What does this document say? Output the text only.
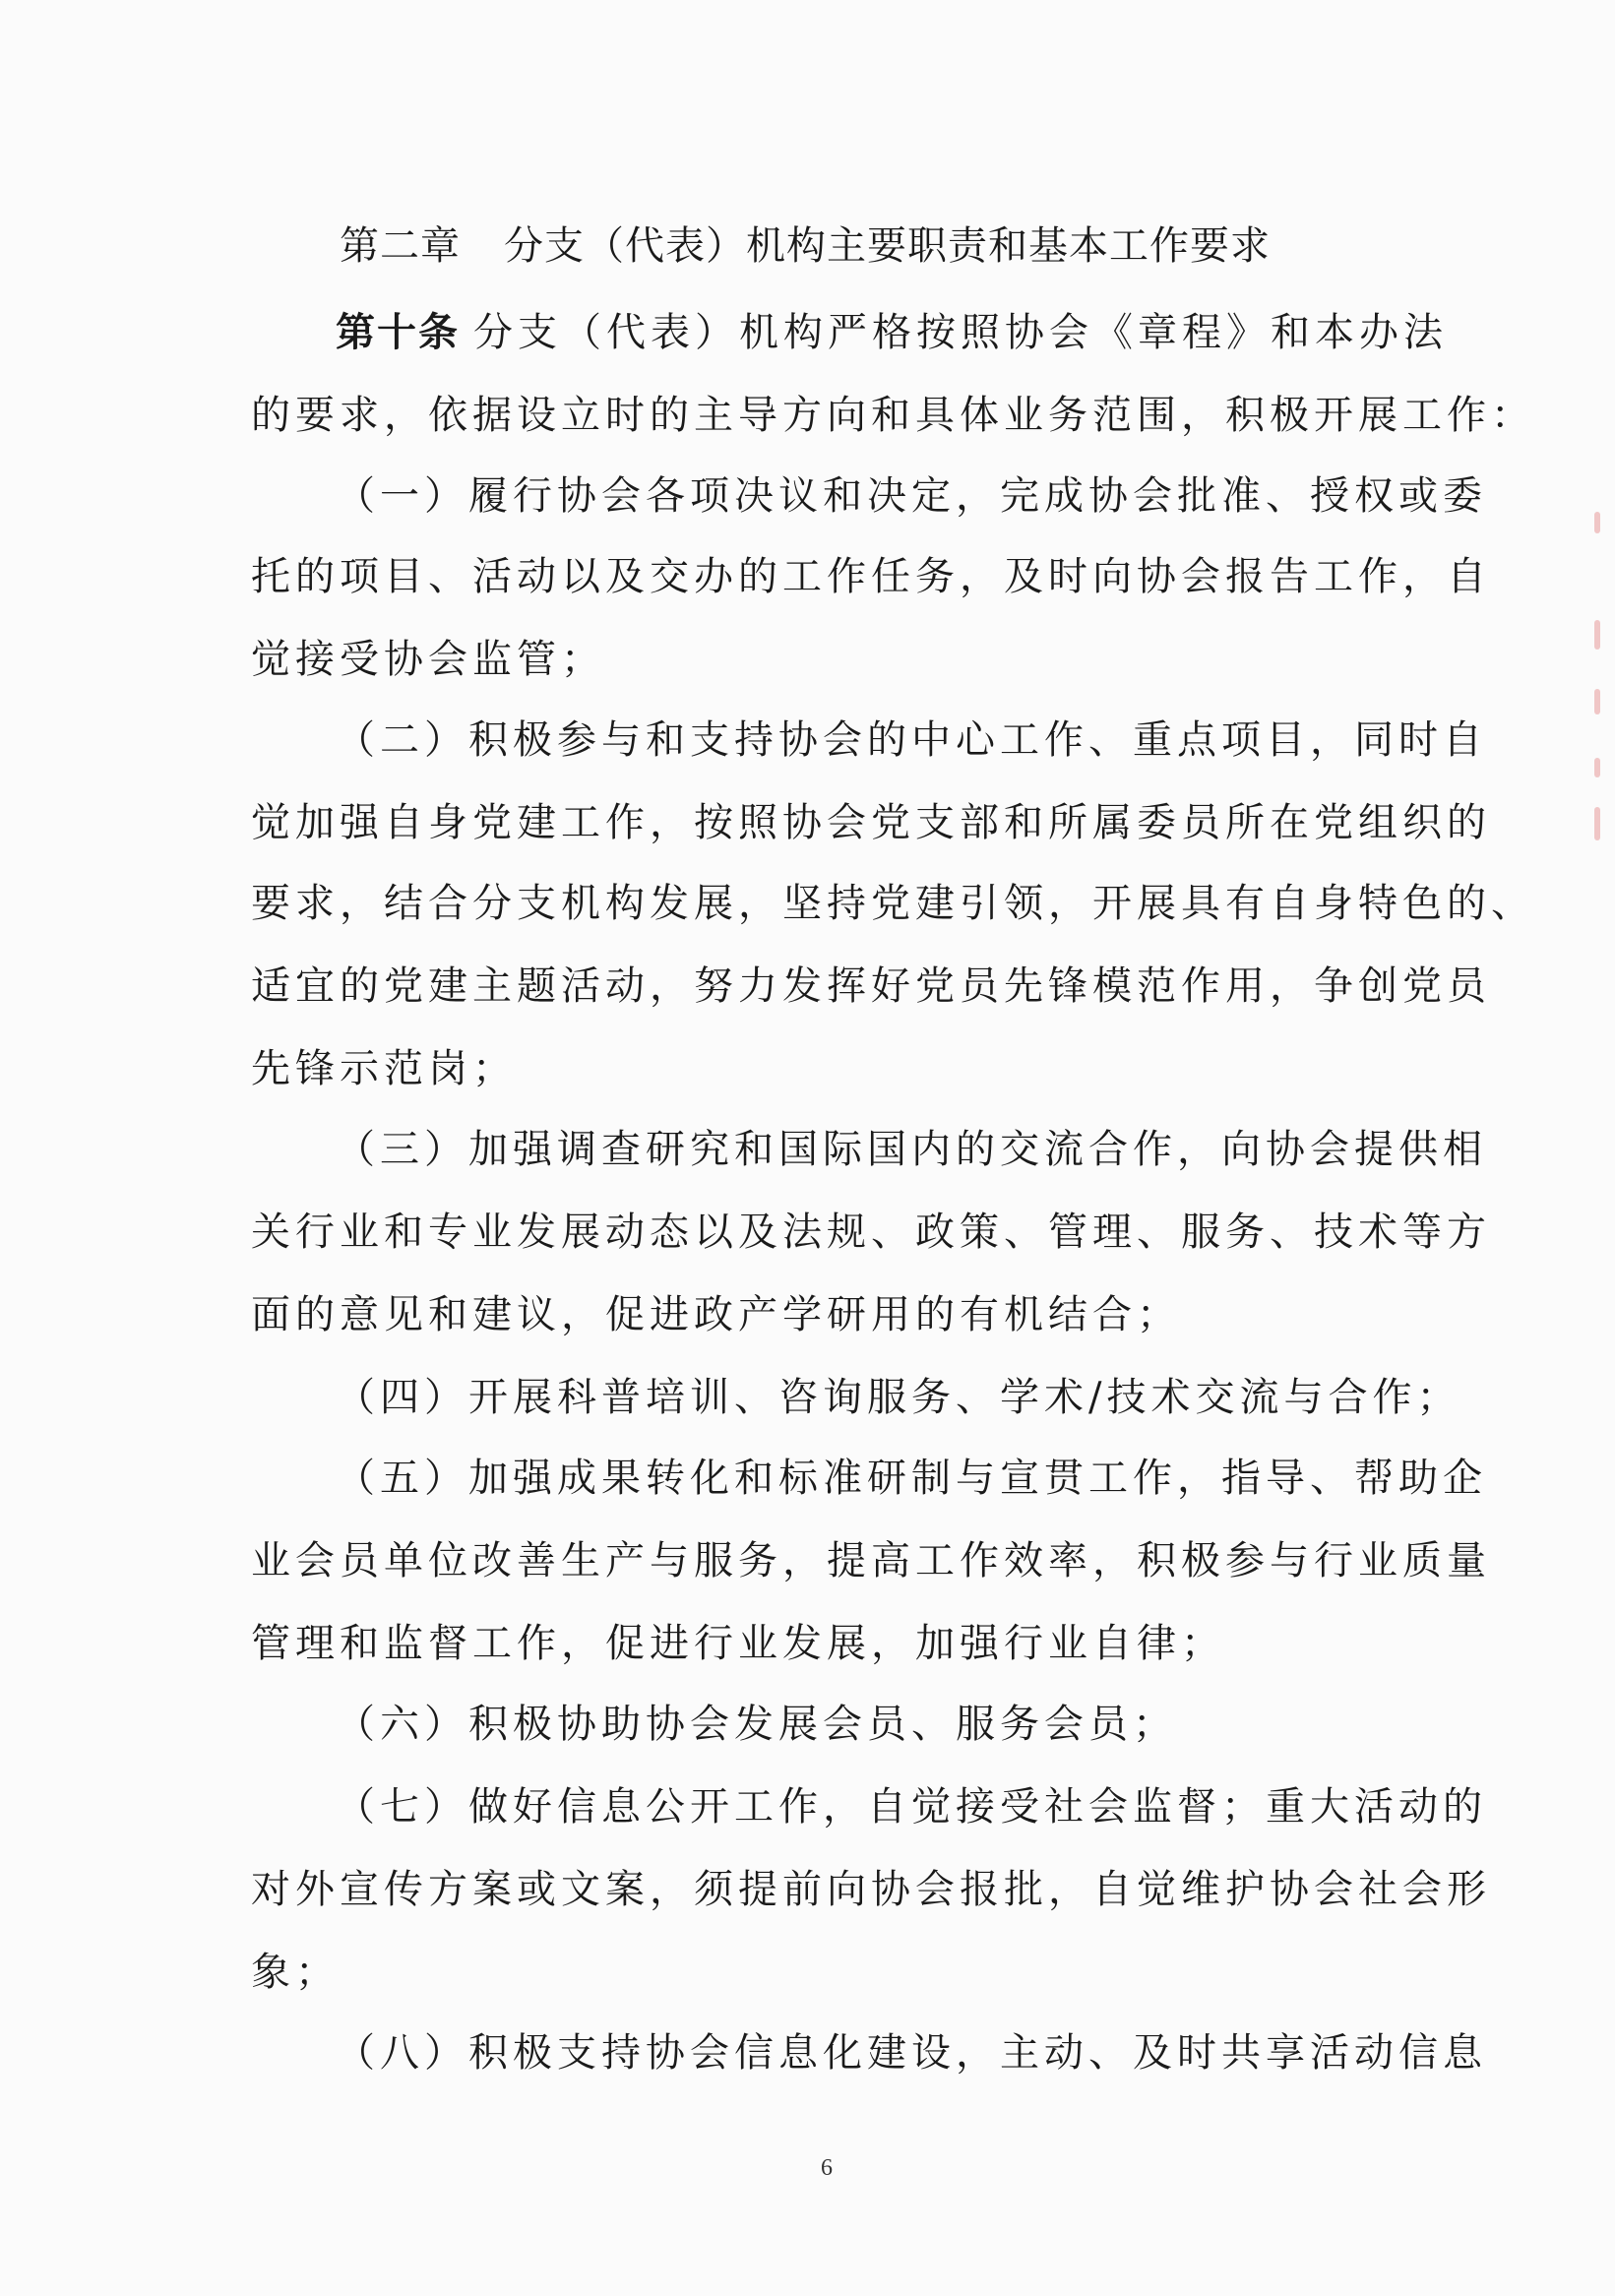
第二章 分支（代表）机构主要职责和基本工作要求
第十条 分支（代表）机构严格按照协会《章程》和本办法
的要求，依据设立时的主导方向和具体业务范围，积极开展工作：
（一）履行协会各项决议和决定，完成协会批准、授权或委
托的项目、活动以及交办的工作任务，及时向协会报告工作，自
觉接受协会监管；
（二）积极参与和支持协会的中心工作、重点项目，同时自
觉加强自身党建工作，按照协会党支部和所属委员所在党组织的
要求，结合分支机构发展，坚持党建引领，开展具有自身特色的、
适宜的党建主题活动，努力发挥好党员先锋模范作用，争创党员
先锋示范岗；
（三）加强调查研究和国际国内的交流合作，向协会提供相
关行业和专业发展动态以及法规、政策、管理、服务、技术等方
面的意见和建议，促进政产学研用的有机结合；
（四）开展科普培训、咨询服务、学术/技术交流与合作；
（五）加强成果转化和标准研制与宣贯工作，指导、帮助企
业会员单位改善生产与服务，提高工作效率，积极参与行业质量
管理和监督工作，促进行业发展，加强行业自律；
（六）积极协助协会发展会员、服务会员；
（七）做好信息公开工作，自觉接受社会监督；重大活动的
对外宣传方案或文案，须提前向协会报批，自觉维护协会社会形
象；
（八）积极支持协会信息化建设，主动、及时共享活动信息
6
